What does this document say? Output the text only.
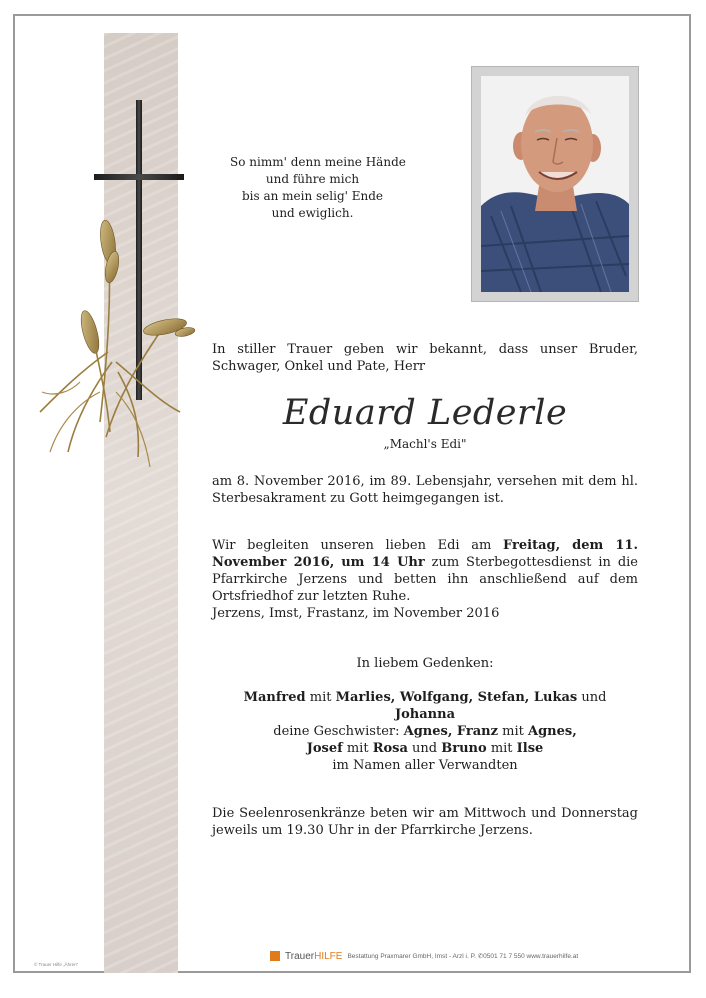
So nimm' denn meine Hände
und führe mich
bis an mein selig' Ende
und ewiglich.
In stiller Trauer geben wir bekannt, dass unser Bruder, Schwager, Onkel und Pate, Herr
Eduard Lederle
„Machl's Edi"
am 8. November 2016, im 89. Lebensjahr, versehen mit dem hl. Sterbesakrament zu Gott heimgegangen ist.
Wir begleiten unseren lieben Edi am Freitag, dem 11. November 2016, um 14 Uhr zum Sterbegottesdienst in die Pfarrkirche Jerzens und betten ihn anschließend auf dem Ortsfriedhof zur letzten Ruhe.
Jerzens, Imst, Frastanz, im November 2016
In liebem Gedenken:
Manfred mit Marlies, Wolfgang, Stefan, Lukas und Johanna
deine Geschwister: Agnes, Franz mit Agnes,
Josef mit Rosa und Bruno mit Ilse
im Namen aller Verwandten
Die Seelenrosenkränze beten wir am Mittwoch und Donnerstag jeweils um 19.30 Uhr in der Pfarrkirche Jerzens.
TrauerHILFE Bestattung Praxmarer GmbH, Imst - Arzl i. P. ✆0501 71 7 550 www.trauerhilfe.at
© Trauer Hilfe „Ähren"
